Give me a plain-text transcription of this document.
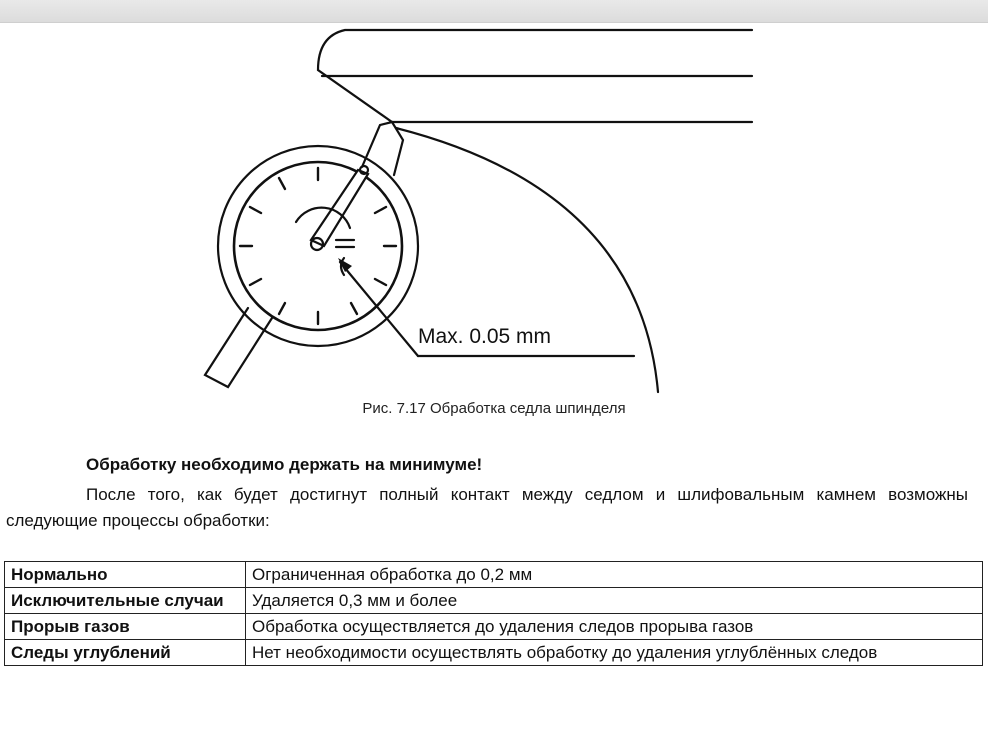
Max. 0.05 mm
Рис. 7.17 Обработка седла шпинделя
Обработку необходимо держать на минимуме!
После того, как будет достигнут полный контакт между седлом и шлифовальным камнем возможны следующие процессы обработки:
Нормально	Ограниченная обработка до 0,2 мм
Исключительные случаи	Удаляется 0,3 мм и более
Прорыв газов	Обработка осуществляется до удаления следов прорыва газов
Следы углублений	Нет необходимости осуществлять обработку до удаления углублённых следов
